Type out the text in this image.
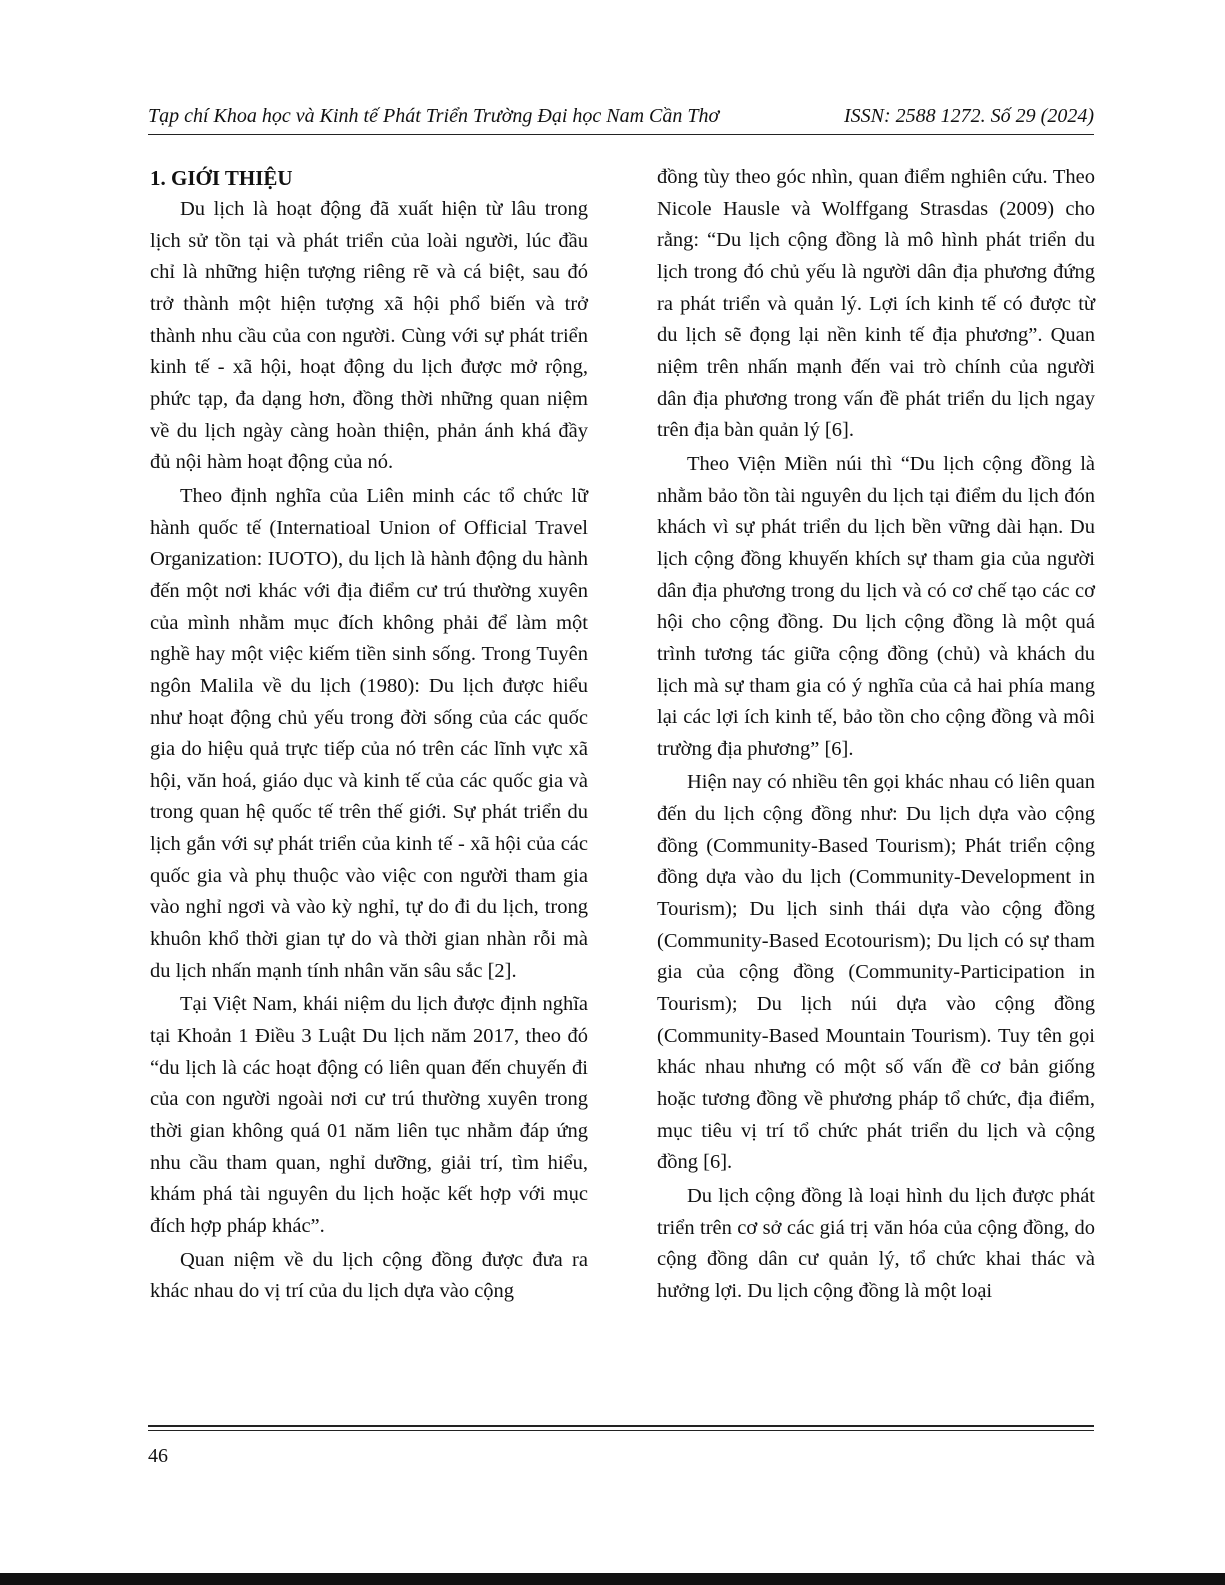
Tạp chí Khoa học và Kinh tế Phát Triển Trường Đại học Nam Cần Thơ	ISSN: 2588 1272. Số 29 (2024)
1. GIỚI THIỆU

Du lịch là hoạt động đã xuất hiện từ lâu trong lịch sử tồn tại và phát triển của loài người, lúc đầu chỉ là những hiện tượng riêng rẽ và cá biệt, sau đó trở thành một hiện tượng xã hội phổ biến và trở thành nhu cầu của con người. Cùng với sự phát triển kinh tế - xã hội, hoạt động du lịch được mở rộng, phức tạp, đa dạng hơn, đồng thời những quan niệm về du lịch ngày càng hoàn thiện, phản ánh khá đầy đủ nội hàm hoạt động của nó.

Theo định nghĩa của Liên minh các tổ chức lữ hành quốc tế (Internatioal Union of Official Travel Organization: IUOTO), du lịch là hành động du hành đến một nơi khác với địa điểm cư trú thường xuyên của mình nhằm mục đích không phải để làm một nghề hay một việc kiếm tiền sinh sống. Trong Tuyên ngôn Malila về du lịch (1980): Du lịch được hiểu như hoạt động chủ yếu trong đời sống của các quốc gia do hiệu quả trực tiếp của nó trên các lĩnh vực xã hội, văn hoá, giáo dục và kinh tế của các quốc gia và trong quan hệ quốc tế trên thế giới. Sự phát triển du lịch gắn với sự phát triển của kinh tế - xã hội của các quốc gia và phụ thuộc vào việc con người tham gia vào nghỉ ngơi và vào kỳ nghỉ, tự do đi du lịch, trong khuôn khổ thời gian tự do và thời gian nhàn rỗi mà du lịch nhấn mạnh tính nhân văn sâu sắc [2].

Tại Việt Nam, khái niệm du lịch được định nghĩa tại Khoản 1 Điều 3 Luật Du lịch năm 2017, theo đó “du lịch là các hoạt động có liên quan đến chuyến đi của con người ngoài nơi cư trú thường xuyên trong thời gian không quá 01 năm liên tục nhằm đáp ứng nhu cầu tham quan, nghỉ dưỡng, giải trí, tìm hiểu, khám phá tài nguyên du lịch hoặc kết hợp với mục đích hợp pháp khác”.

Quan niệm về du lịch cộng đồng được đưa ra khác nhau do vị trí của du lịch dựa vào cộng

đồng tùy theo góc nhìn, quan điểm nghiên cứu. Theo Nicole Hausle và Wolffgang Strasdas (2009) cho rằng: “Du lịch cộng đồng là mô hình phát triển du lịch trong đó chủ yếu là người dân địa phương đứng ra phát triển và quản lý. Lợi ích kinh tế có được từ du lịch sẽ đọng lại nền kinh tế địa phương”. Quan niệm trên nhấn mạnh đến vai trò chính của người dân địa phương trong vấn đề phát triển du lịch ngay trên địa bàn quản lý [6].

Theo Viện Miền núi thì “Du lịch cộng đồng là nhằm bảo tồn tài nguyên du lịch tại điểm du lịch đón khách vì sự phát triển du lịch bền vững dài hạn. Du lịch cộng đồng khuyến khích sự tham gia của người dân địa phương trong du lịch và có cơ chế tạo các cơ hội cho cộng đồng. Du lịch cộng đồng là một quá trình tương tác giữa cộng đồng (chủ) và khách du lịch mà sự tham gia có ý nghĩa của cả hai phía mang lại các lợi ích kinh tế, bảo tồn cho cộng đồng và môi trường địa phương” [6].

Hiện nay có nhiều tên gọi khác nhau có liên quan đến du lịch cộng đồng như: Du lịch dựa vào cộng đồng (Community-Based Tourism); Phát triển cộng đồng dựa vào du lịch (Community-Development in Tourism); Du lịch sinh thái dựa vào cộng đồng (Community-Based Ecotourism); Du lịch có sự tham gia của cộng đồng (Community-Participation in Tourism); Du lịch núi dựa vào cộng đồng (Community-Based Mountain Tourism). Tuy tên gọi khác nhau nhưng có một số vấn đề cơ bản giống hoặc tương đồng về phương pháp tổ chức, địa điểm, mục tiêu vị trí tổ chức phát triển du lịch và cộng đồng [6].

Du lịch cộng đồng là loại hình du lịch được phát triển trên cơ sở các giá trị văn hóa của cộng đồng, do cộng đồng dân cư quản lý, tổ chức khai thác và hưởng lợi. Du lịch cộng đồng là một loại

46
